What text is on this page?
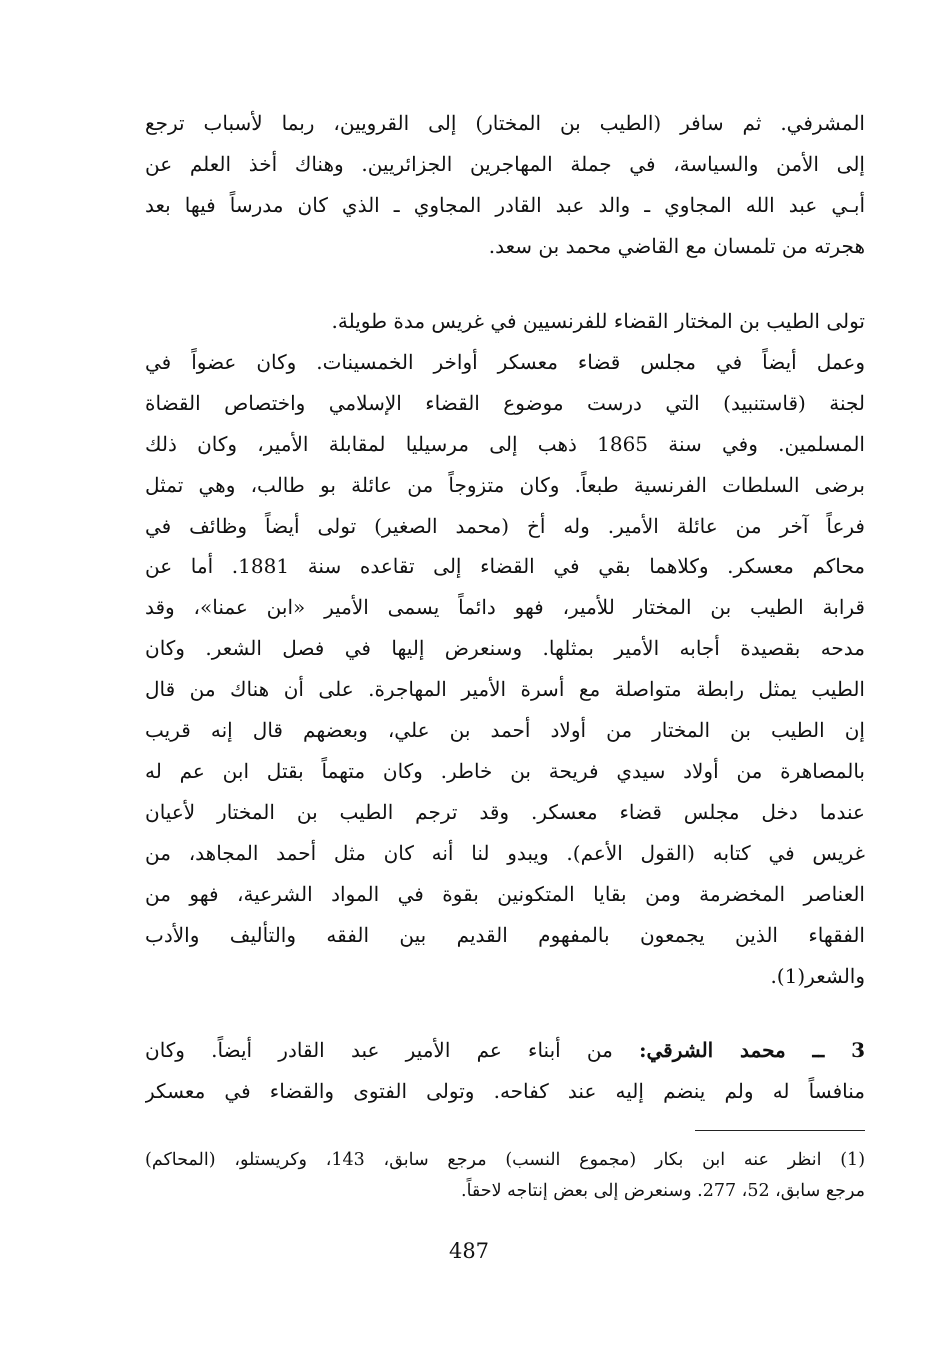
المشرفي. ثم سافر (الطيب بن المختار) إلى القرويين، ربما لأسباب ترجع
إلى الأمن والسياسة، في جملة المهاجرين الجزائريين. وهناك أخذ العلم عن
أبـي عبد الله المجاوي ـ والد عبد القادر المجاوي ـ الذي كان مدرساً فيها بعد
هجرته من تلمسان مع القاضي محمد بن سعد.
تولى الطيب بن المختار القضاء للفرنسيين في غريس مدة طويلة.
وعمل أيضاً في مجلس قضاء معسكر أواخر الخمسينات. وكان عضواً في
لجنة (قاستنبيد) التي درست موضوع القضاء الإسلامي واختصاص القضاة
المسلمين. وفي سنة 1865 ذهب إلى مرسيليا لمقابلة الأمير، وكان ذلك
برضى السلطات الفرنسية طبعاً. وكان متزوجاً من عائلة بو طالب، وهي تمثل
فرعاً آخر من عائلة الأمير. وله أخ (محمد الصغير) تولى أيضاً وظائف في
محاكم معسكر. وكلاهما بقي في القضاء إلى تقاعده سنة 1881. أما عن
قرابة الطيب بن المختار للأمير، فهو دائماً يسمى الأمير «ابن عمنا»، وقد
مدحه بقصيدة أجابه الأمير بمثلها. وسنعرض إليها في فصل الشعر. وكان
الطيب يمثل رابطة متواصلة مع أسرة الأمير المهاجرة. على أن هناك من قال
إن الطيب بن المختار من أولاد أحمد بن علي، وبعضهم قال إنه قريب
بالمصاهرة من أولاد سيدي فريحة بن خاطر. وكان متهماً بقتل ابن عم له
عندما دخل مجلس قضاء معسكر. وقد ترجم الطيب بن المختار لأعيان
غريس في كتابه (القول الأعم). ويبدو لنا أنه كان مثل أحمد المجاهد، من
العناصر المخضرمة ومن بقايا المتكونين بقوة في المواد الشرعية، فهو من
الفقهاء الذين يجمعون بالمفهوم القديم بين الفقه والتأليف والأدب
والشعر(1).
3 ــ محمد الشرقي: من أبناء عم الأمير عبد القادر أيضاً. وكان
منافساً له ولم ينضم إليه عند كفاحه. وتولى الفتوى والقضاء في معسكر
(1) انظر عنه ابن بكار (مجموع النسب) مرجع سابق، 143، وكريستلو، (المحاكم)
مرجع سابق، 52، 277. وسنعرض إلى بعض إنتاجه لاحقاً.
487
